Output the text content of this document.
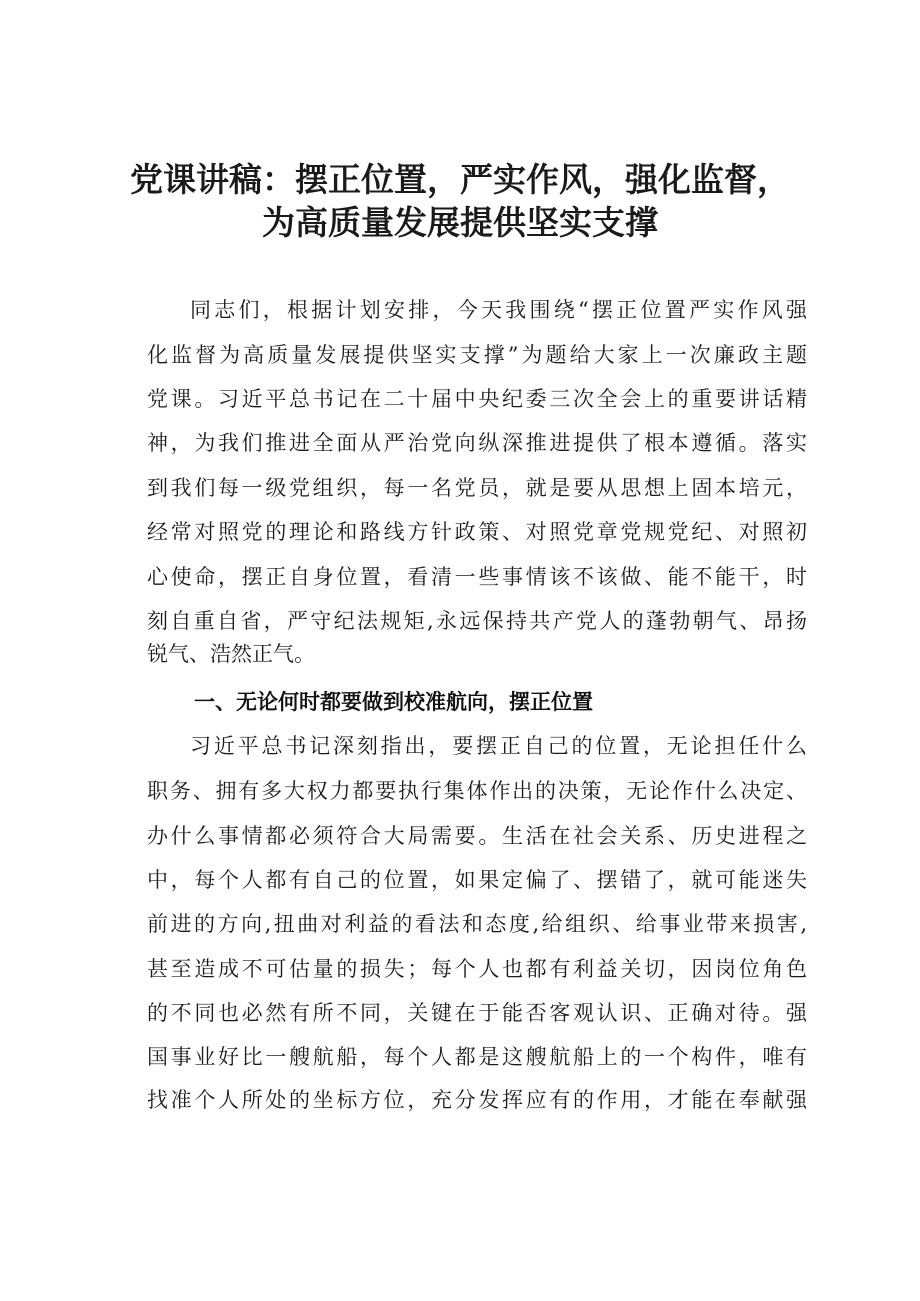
党课讲稿：摆正位置，严实作风，强化监督，
为高质量发展提供坚实支撑

同志们，根据计划安排，今天我围绕“摆正位置严实作风强

化监督为高质量发展提供坚实支撑”为题给大家上一次廉政主题

党课。习近平总书记在二十届中央纪委三次全会上的重要讲话精

神，为我们推进全面从严治党向纵深推进提供了根本遵循。落实

到我们每一级党组织，每一名党员，就是要从思想上固本培元，

经常对照党的理论和路线方针政策、对照党章党规党纪、对照初

心使命，摆正自身位置，看清一些事情该不该做、能不能干，时

刻自重自省，严守纪法规矩,永远保持共产党人的蓬勃朝气、昂扬

锐气、浩然正气。

一、无论何时都要做到校准航向，摆正位置

习近平总书记深刻指出，要摆正自己的位置，无论担任什么

职务、拥有多大权力都要执行集体作出的决策，无论作什么决定、

办什么事情都必须符合大局需要。生活在社会关系、历史进程之

中，每个人都有自己的位置，如果定偏了、摆错了，就可能迷失

前进的方向,扭曲对利益的看法和态度,给组织、给事业带来损害,

甚至造成不可估量的损失；每个人也都有利益关切，因岗位角色

的不同也必然有所不同，关键在于能否客观认识、正确对待。强

国事业好比一艘航船，每个人都是这艘航船上的一个构件，唯有

找准个人所处的坐标方位，充分发挥应有的作用，才能在奉献强
